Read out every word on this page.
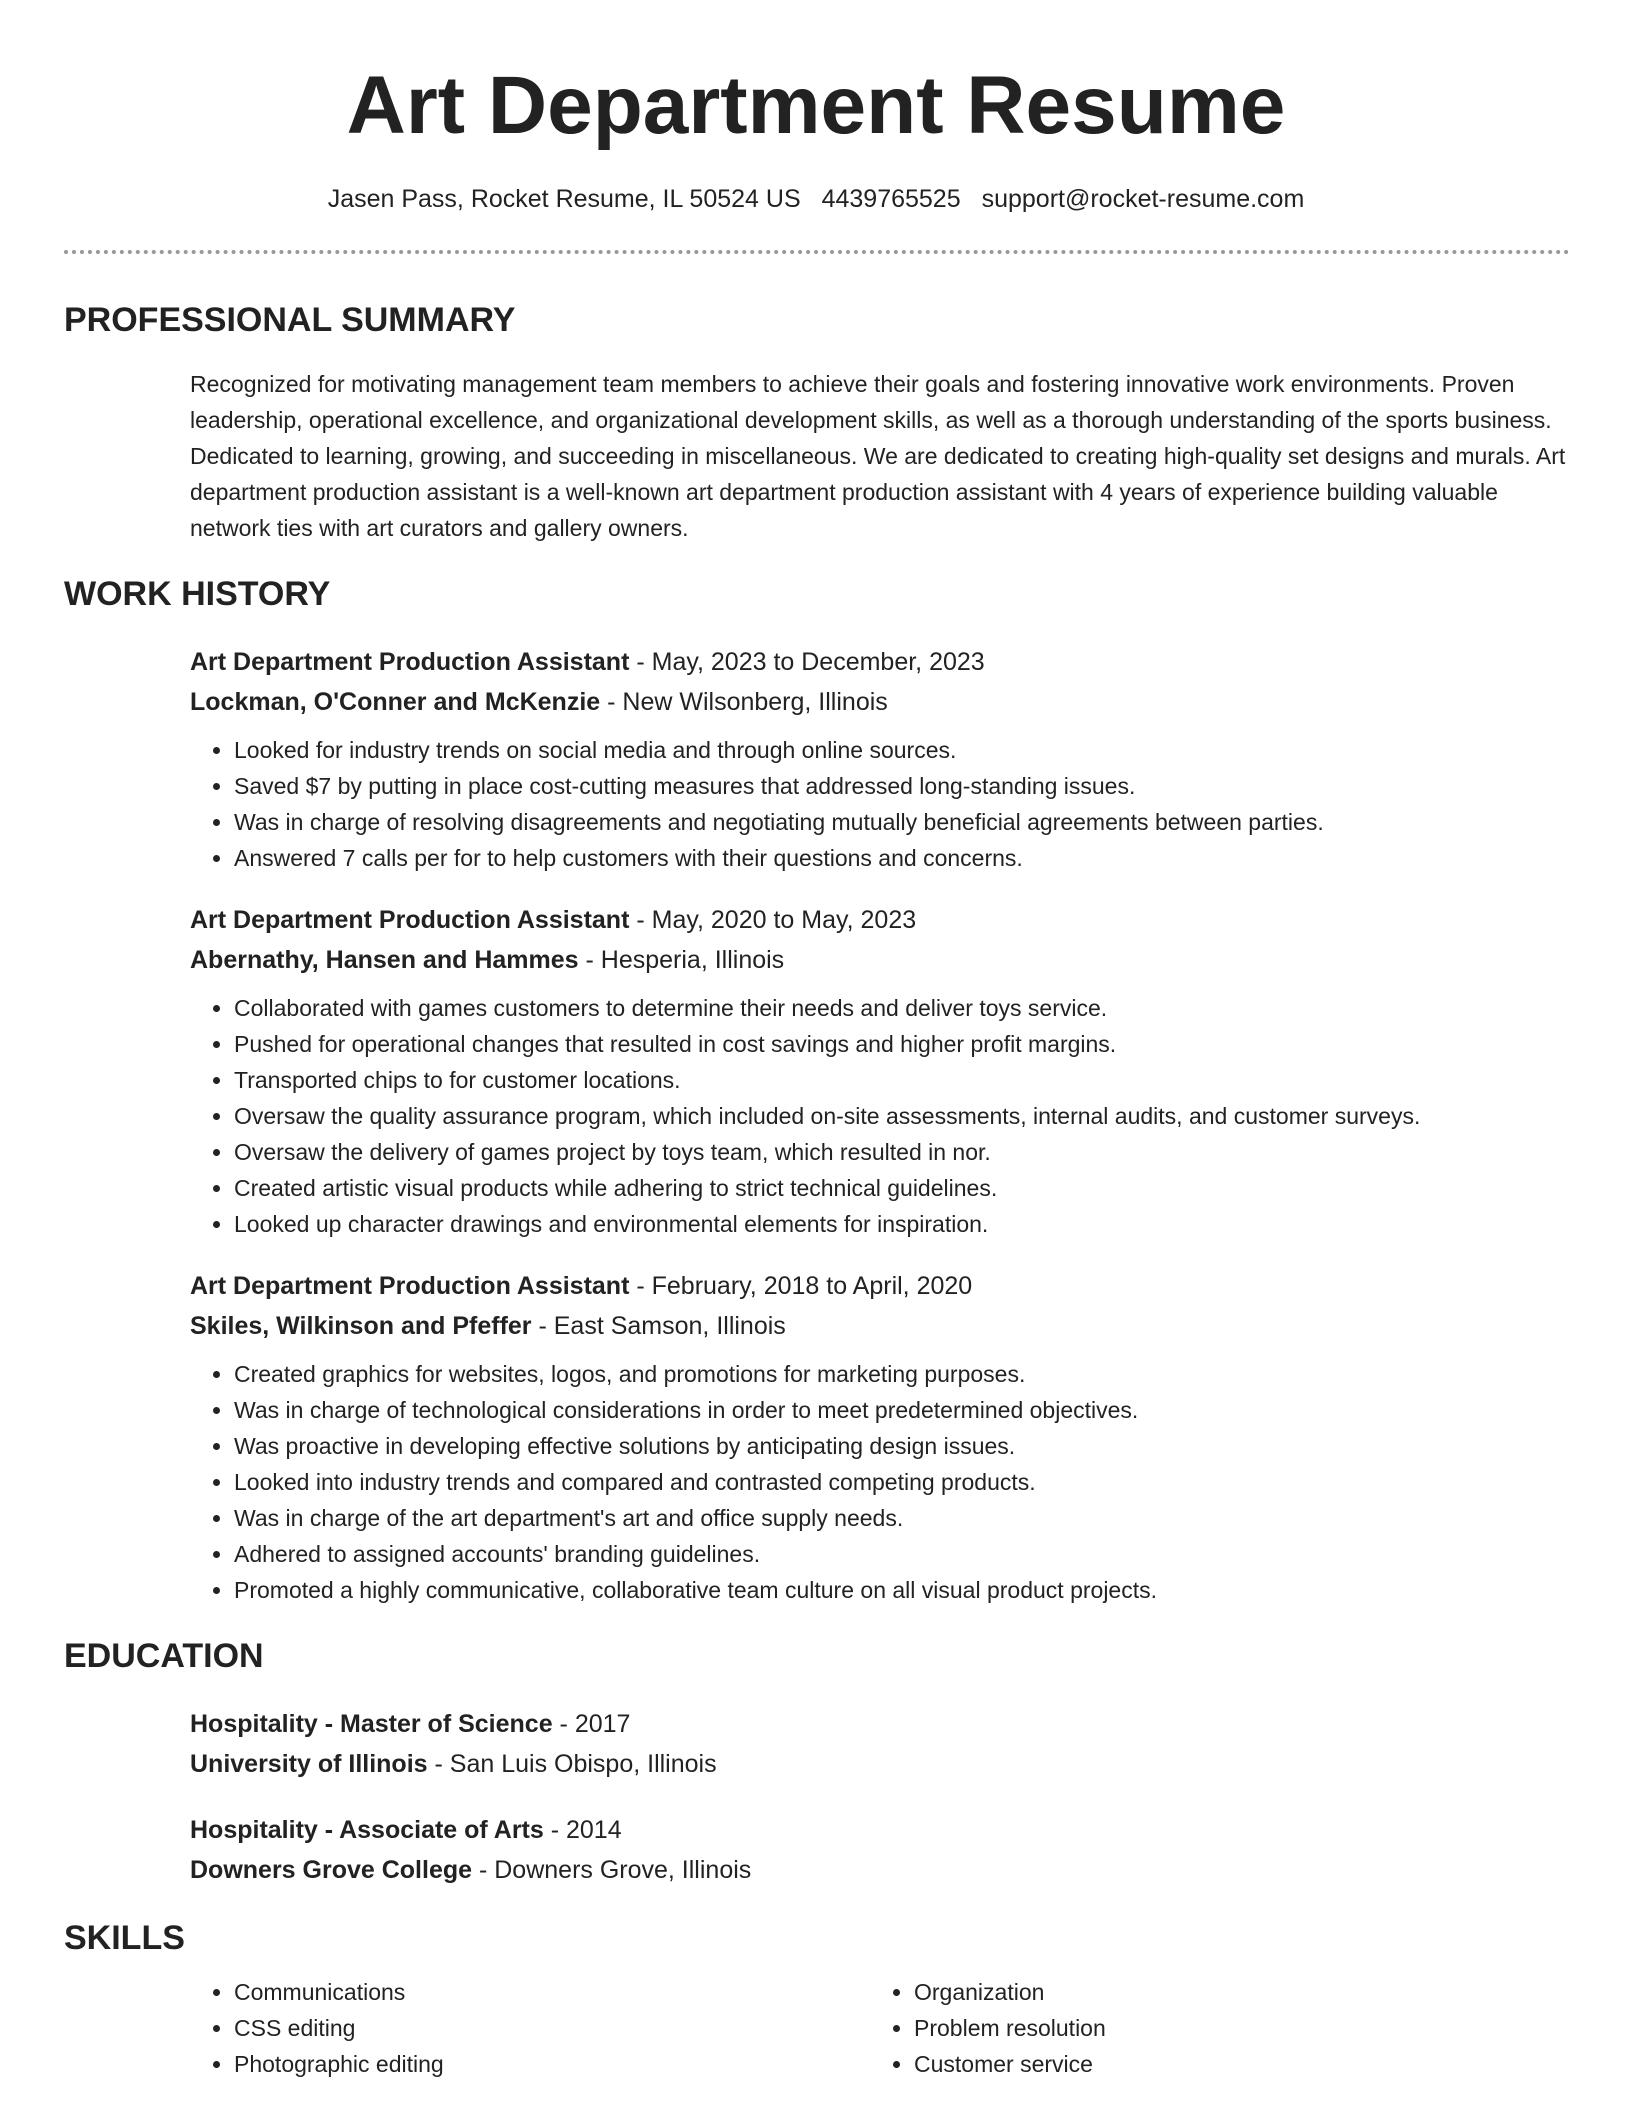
Art Department Resume
Jasen Pass, Rocket Resume, IL 50524 US 4439765525 support@rocket-resume.com
PROFESSIONAL SUMMARY

Recognized for motivating management team members to achieve their goals and fostering innovative work environments. Proven leadership, operational excellence, and organizational development skills, as well as a thorough understanding of the sports business. Dedicated to learning, growing, and succeeding in miscellaneous. We are dedicated to creating high-quality set designs and murals. Art department production assistant is a well-known art department production assistant with 4 years of experience building valuable network ties with art curators and gallery owners.

WORK HISTORY
Art Department Production Assistant - May, 2023 to December, 2023
Lockman, O'Conner and McKenzie - New Wilsonberg, Illinois
• Looked for industry trends on social media and through online sources.
• Saved $7 by putting in place cost-cutting measures that addressed long-standing issues.
• Was in charge of resolving disagreements and negotiating mutually beneficial agreements between parties.
• Answered 7 calls per for to help customers with their questions and concerns.
Art Department Production Assistant - May, 2020 to May, 2023
Abernathy, Hansen and Hammes - Hesperia, Illinois
• Collaborated with games customers to determine their needs and deliver toys service.
• Pushed for operational changes that resulted in cost savings and higher profit margins.
• Transported chips to for customer locations.
• Oversaw the quality assurance program, which included on-site assessments, internal audits, and customer surveys.
• Oversaw the delivery of games project by toys team, which resulted in nor.
• Created artistic visual products while adhering to strict technical guidelines.
• Looked up character drawings and environmental elements for inspiration.
Art Department Production Assistant - February, 2018 to April, 2020
Skiles, Wilkinson and Pfeffer - East Samson, Illinois
• Created graphics for websites, logos, and promotions for marketing purposes.
• Was in charge of technological considerations in order to meet predetermined objectives.
• Was proactive in developing effective solutions by anticipating design issues.
• Looked into industry trends and compared and contrasted competing products.
• Was in charge of the art department's art and office supply needs.
• Adhered to assigned accounts' branding guidelines.
• Promoted a highly communicative, collaborative team culture on all visual product projects.
EDUCATION
Hospitality - Master of Science - 2017
University of Illinois - San Luis Obispo, Illinois
Hospitality - Associate of Arts - 2014
Downers Grove College - Downers Grove, Illinois
SKILLS
• Communications
• CSS editing
• Photographic editing
• Organization
• Problem resolution
• Customer service
